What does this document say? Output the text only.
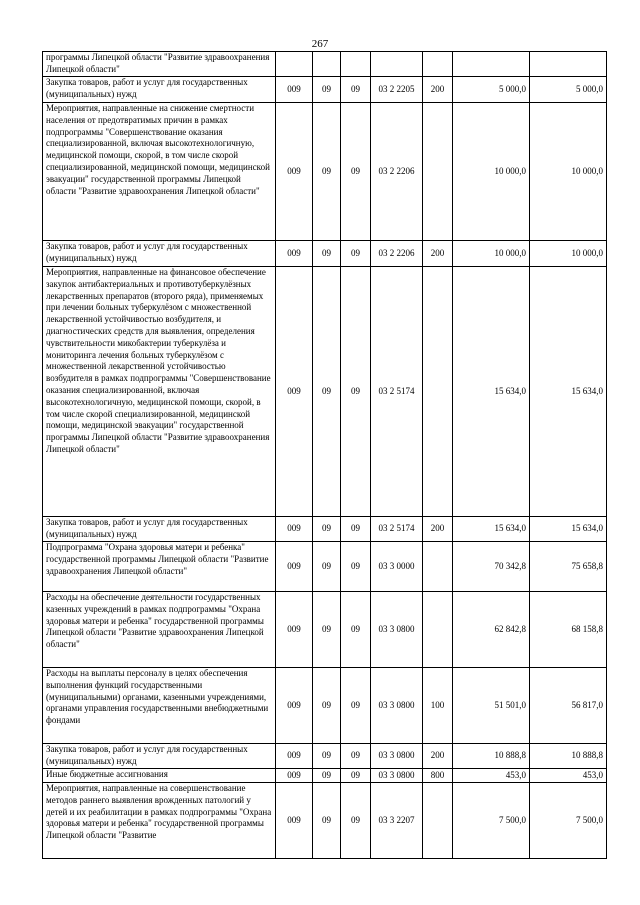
267
программы Липецкой области "Развитие здравоохранения Липецкой области"							
Закупка товаров, работ и услуг для государственных (муниципальных) нужд	009	09	09	03 2 2205	200	5 000,0	5 000,0
Мероприятия, направленные на снижение смертности населения от предотвратимых причин в рамках подпрограммы "Совершенствование оказания специализированной, включая высокотехнологичную, медицинской помощи, скорой, в том числе скорой специализированной, медицинской помощи, медицинской эвакуации" государственной программы Липецкой области "Развитие здравоохранения Липецкой области"	009	09	09	03 2 2206		10 000,0	10 000,0
Закупка товаров, работ и услуг для государственных (муниципальных) нужд	009	09	09	03 2 2206	200	10 000,0	10 000,0
Мероприятия, направленные на финансовое обеспечение закупок антибактериальных и противотуберкулёзных лекарственных препаратов (второго ряда), применяемых при лечении больных туберкулёзом с множественной лекарственной устойчивостью возбудителя, и диагностических средств для выявления, определения чувствительности микобактерии туберкулёза и мониторинга лечения больных туберкулёзом с множественной лекарственной устойчивостью возбудителя в рамках подпрограммы "Совершенствование оказания специализированной, включая высокотехнологичную, медицинской помощи, скорой, в том числе скорой специализированной, медицинской помощи, медицинской эвакуации" государственной программы Липецкой области "Развитие здравоохранения Липецкой области"	009	09	09	03 2 5174		15 634,0	15 634,0
Закупка товаров, работ и услуг для государственных (муниципальных) нужд	009	09	09	03 2 5174	200	15 634,0	15 634,0
Подпрограмма "Охрана здоровья матери и ребенка" государственной программы Липецкой области "Развитие здравоохранения Липецкой области"	009	09	09	03 3 0000		70 342,8	75 658,8
Расходы на обеспечение деятельности государственных казенных учреждений в рамках подпрограммы "Охрана здоровья матери и ребенка" государственной программы Липецкой области "Развитие здравоохранения Липецкой области"	009	09	09	03 3 0800		62 842,8	68 158,8
Расходы на выплаты персоналу в целях обеспечения выполнения функций государственными (муниципальными) органами, казенными учреждениями, органами управления государственными внебюджетными фондами	009	09	09	03 3 0800	100	51 501,0	56 817,0
Закупка товаров, работ и услуг для государственных (муниципальных) нужд	009	09	09	03 3 0800	200	10 888,8	10 888,8
Иные бюджетные ассигнования	009	09	09	03 3 0800	800	453,0	453,0
Мероприятия, направленные на совершенствование методов раннего выявления врожденных патологий у детей и их реабилитации в рамках подпрограммы "Охрана здоровья матери и ребенка" государственной программы Липецкой области "Развитие	009	09	09	03 3 2207		7 500,0	7 500,0
